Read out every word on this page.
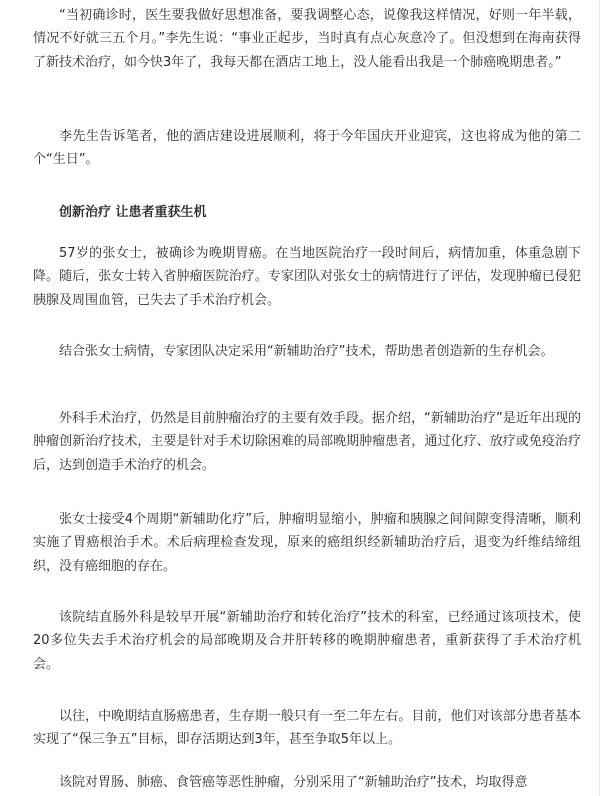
“当初确诊时，医生要我做好思想准备，要我调整心态，说像我这样情况，好则一年半载，情况不好就三五个月。”李先生说：“事业正起步，当时真有点心灰意冷了。但没想到在海南获得了新技术治疗，如今快3年了，我每天都在酒店工地上，没人能看出我是一个肺癌晚期患者。”

李先生告诉笔者，他的酒店建设进展顺利，将于今年国庆开业迎宾，这也将成为他的第二个“生日”。

创新治疗 让患者重获生机

57岁的张女士，被确诊为晚期胃癌。在当地医院治疗一段时间后，病情加重，体重急剧下降。随后，张女士转入省肿瘤医院治疗。专家团队对张女士的病情进行了评估，发现肿瘤已侵犯胰腺及周围血管，已失去了手术治疗机会。

结合张女士病情，专家团队决定采用“新辅助治疗”技术，帮助患者创造新的生存机会。

外科手术治疗，仍然是目前肿瘤治疗的主要有效手段。据介绍，“新辅助治疗”是近年出现的肿瘤创新治疗技术，主要是针对手术切除困难的局部晚期肿瘤患者，通过化疗、放疗或免疫治疗后，达到创造手术治疗的机会。

张女士接受4个周期“新辅助化疗”后，肿瘤明显缩小，肿瘤和胰腺之间间隙变得清晰，顺利实施了胃癌根治手术。术后病理检查发现，原来的癌组织经新辅助治疗后，退变为纤维结缔组织，没有癌细胞的存在。

该院结直肠外科是较早开展“新辅助治疗和转化治疗”技术的科室，已经通过该项技术，使20多位失去手术治疗机会的局部晚期及合并肝转移的晚期肿瘤患者，重新获得了手术治疗机会。

以往，中晚期结直肠癌患者，生存期一般只有一至二年左右。目前，他们对该部分患者基本实现了“保三争五”目标，即存活期达到3年，甚至争取5年以上。

该院对胃肠、肺癌、食管癌等恶性肿瘤，分别采用了“新辅助治疗”技术，均取得意
